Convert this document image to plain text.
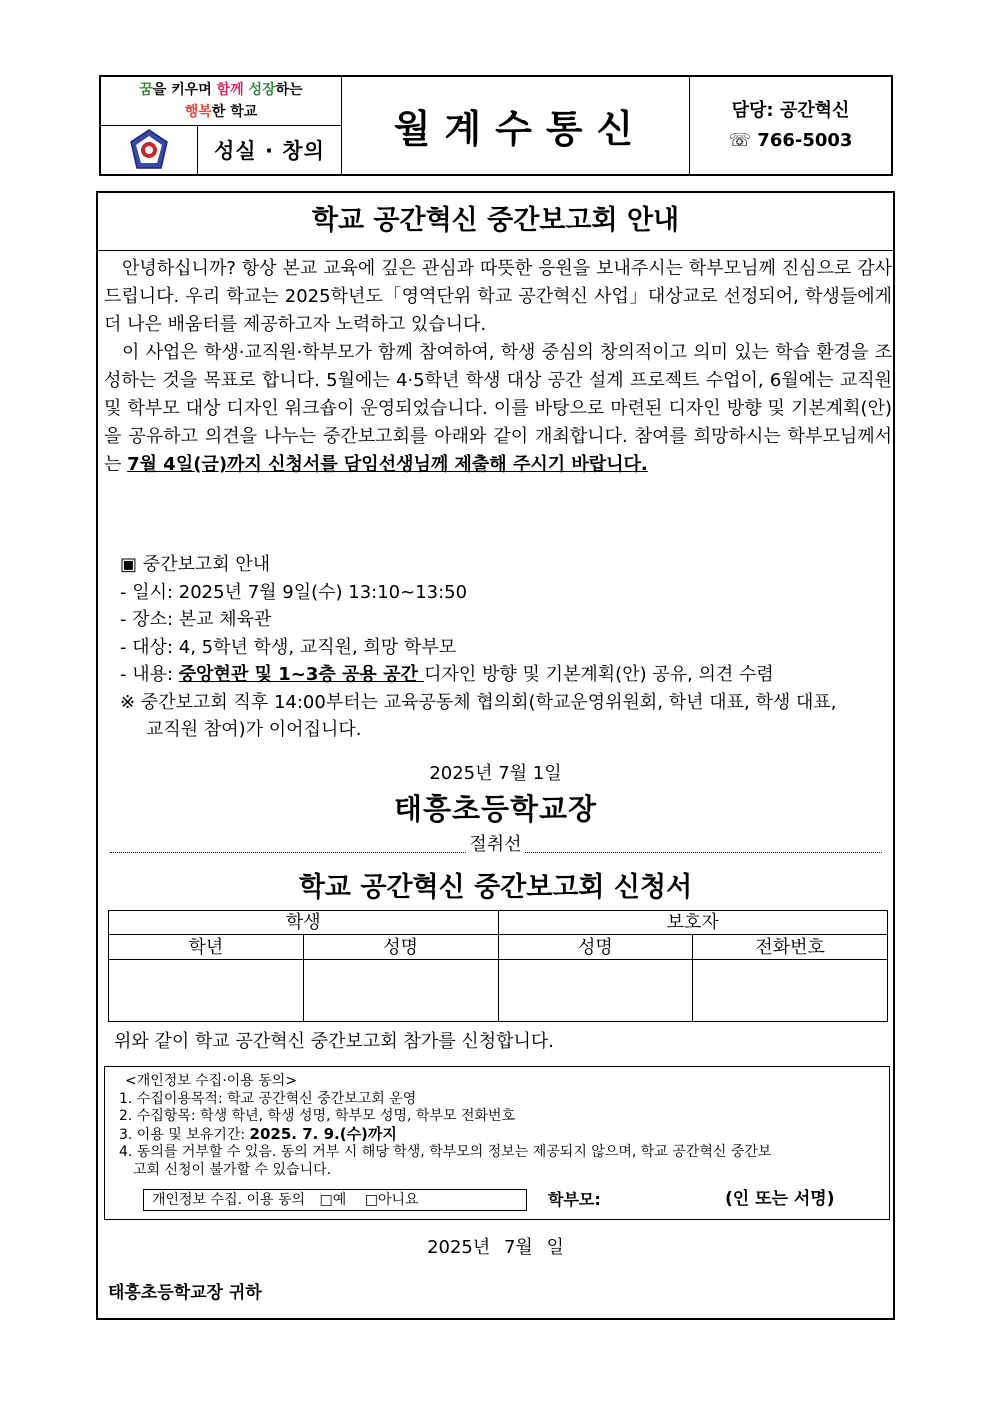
꿈을 키우며 함께 성장하는
행복한 학교
성실 · 창의	월계수통신	담당: 공간혁신
☏ 766-5003
학교 공간혁신 중간보고회 안내

안녕하십니까? 항상 본교 교육에 깊은 관심과 따뜻한 응원을 보내주시는 학부모님께 진심으로 감사드립니다. 우리 학교는 2025학년도「영역단위 학교 공간혁신 사업」대상교로 선정되어, 학생들에게 더 나은 배움터를 제공하고자 노력하고 있습니다.

이 사업은 학생·교직원·학부모가 함께 참여하여, 학생 중심의 창의적이고 의미 있는 학습 환경을 조성하는 것을 목표로 합니다. 5월에는 4·5학년 학생 대상 공간 설계 프로젝트 수업이, 6월에는 교직원 및 학부모 대상 디자인 워크숍이 운영되었습니다. 이를 바탕으로 마련된 디자인 방향 및 기본계획(안)을 공유하고 의견을 나누는 중간보고회를 아래와 같이 개최합니다. 참여를 희망하시는 학부모님께서는 7월 4일(금)까지 신청서를 담임선생님께 제출해 주시기 바랍니다.

▣ 중간보고회 안내
- 일시: 2025년 7월 9일(수) 13:10~13:50
- 장소: 본교 체육관
- 대상: 4, 5학년 학생, 교직원, 희망 학부모
- 내용: 중앙현관 및 1~3층 공용 공간 디자인 방향 및 기본계획(안) 공유, 의견 수렴
※ 중간보고회 직후 14:00부터는 교육공동체 협의회(학교운영위원회, 학년 대표, 학생 대표,
교직원 참여)가 이어집니다.
2025년 7월 1일
태흥초등학교장
절취선
학교 공간혁신 중간보고회 신청서
학생		보호자	
학년	성명	성명	전화번호

위와 같이 학교 공간혁신 중간보고회 참가를 신청합니다.
<개인정보 수집·이용 동의>
1. 수집이용목적: 학교 공간혁신 중간보고회 운영
2. 수집항목: 학생 학년, 학생 성명, 학부모 성명, 학부모 전화번호
3. 이용 및 보유기간: 2025. 7. 9.(수)까지
4. 동의를 거부할 수 있음. 동의 거부 시 해당 학생, 학부모의 정보는 제공되지 않으며, 학교 공간혁신 중간보
고회 신청이 불가할 수 있습니다.
개인정보 수집. 이용 동의 □예 □아니요	학부모:	(인 또는 서명)
2025년 7월 일
태흥초등학교장 귀하
